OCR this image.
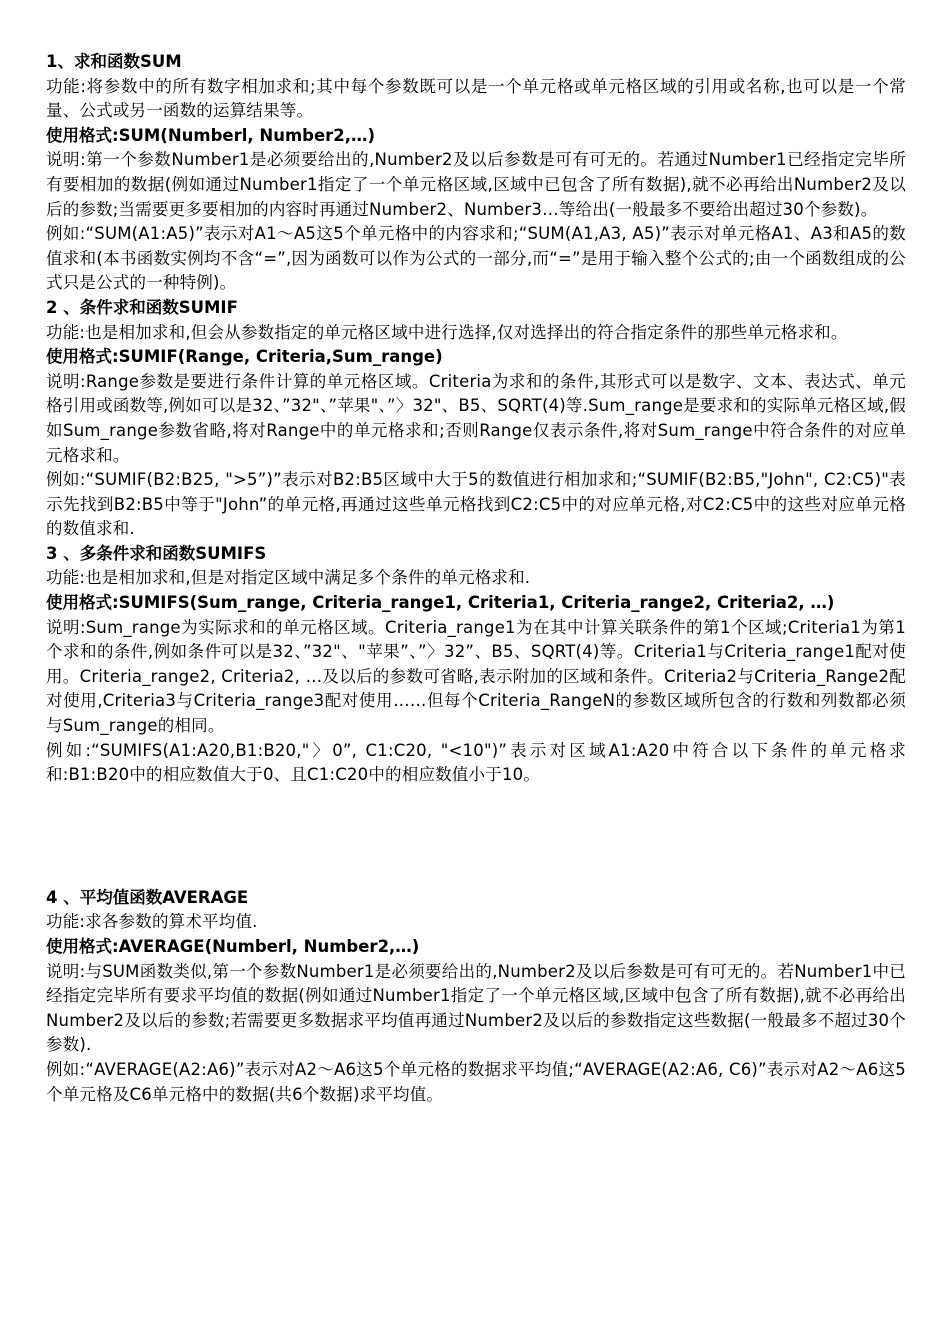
1、求和函数SUM

功能:将参数中的所有数字相加求和;其中每个参数既可以是一个单元格或单元格区域的引用或名称,也可以是一个常量、公式或另一函数的运算结果等。

使用格式:SUM(Numberl, Number2,…)

说明:第一个参数Number1是必须要给出的,Number2及以后参数是可有可无的。若通过Number1已经指定完毕所有要相加的数据(例如通过Number1指定了一个单元格区域,区域中已包含了所有数据),就不必再给出Number2及以后的参数;当需要更多要相加的内容时再通过Number2、Number3…等给出(一般最多不要给出超过30个参数)。

例如:“SUM(A1:A5)”表示对A1～A5这5个单元格中的内容求和;“SUM(A1,A3, A5)”表示对单元格A1、A3和A5的数值求和(本书函数实例均不含“=”,因为函数可以作为公式的一部分,而“=”是用于输入整个公式的;由一个函数组成的公式只是公式的一种特例)。

2 、条件求和函数SUMIF

功能:也是相加求和,但会从参数指定的单元格区域中进行选择,仅对选择出的符合指定条件的那些单元格求和。

使用格式:SUMIF(Range, Criteria,Sum_range)

说明:Range参数是要进行条件计算的单元格区域。Criteria为求和的条件,其形式可以是数字、文本、表达式、单元格引用或函数等,例如可以是32、”32"、”苹果"、”〉32"、B5、SQRT(4)等.Sum_range是要求和的实际单元格区域,假如Sum_range参数省略,将对Range中的单元格求和;否则Range仅表示条件,将对Sum_range中符合条件的对应单元格求和。

例如:“SUMIF(B2:B25, ">5”)”表示对B2:B5区域中大于5的数值进行相加求和;“SUMIF(B2:B5,"John", C2:C5)"表示先找到B2:B5中等于"John”的单元格,再通过这些单元格找到C2:C5中的对应单元格,对C2:C5中的这些对应单元格的数值求和.

3 、多条件求和函数SUMIFS

功能:也是相加求和,但是对指定区域中满足多个条件的单元格求和.

使用格式:SUMIFS(Sum_range, Criteria_range1, Criteria1, Criteria_range2, Criteria2, …)

说明:Sum_range为实际求和的单元格区域。Criteria_range1为在其中计算关联条件的第1个区域;Criteria1为第1个求和的条件,例如条件可以是32、”32"、"苹果”、”〉32”、B5、SQRT(4)等。Criteria1与Criteria_range1配对使用。Criteria_range2, Criteria2, …及以后的参数可省略,表示附加的区域和条件。Criteria2与Criteria_Range2配对使用,Criteria3与Criteria_range3配对使用……但每个Criteria_RangeN的参数区域所包含的行数和列数都必须与Sum_range的相同。

例如:“SUMIFS(A1:A20,B1:B20,"〉0”, C1:C20, "<10")”表示对区域A1:A20中符合以下条件的单元格求和:B1:B20中的相应数值大于0、且C1:C20中的相应数值小于10。

4 、平均值函数AVERAGE

功能:求各参数的算术平均值.

使用格式:AVERAGE(Numberl, Number2,…)

说明:与SUM函数类似,第一个参数Number1是必须要给出的,Number2及以后参数是可有可无的。若Number1中已经指定完毕所有要求平均值的数据(例如通过Number1指定了一个单元格区域,区域中包含了所有数据),就不必再给出Number2及以后的参数;若需要更多数据求平均值再通过Number2及以后的参数指定这些数据(一般最多不超过30个参数).

例如:“AVERAGE(A2:A6)”表示对A2～A6这5个单元格的数据求平均值;“AVERAGE(A2:A6, C6)”表示对A2～A6这5个单元格及C6单元格中的数据(共6个数据)求平均值。
